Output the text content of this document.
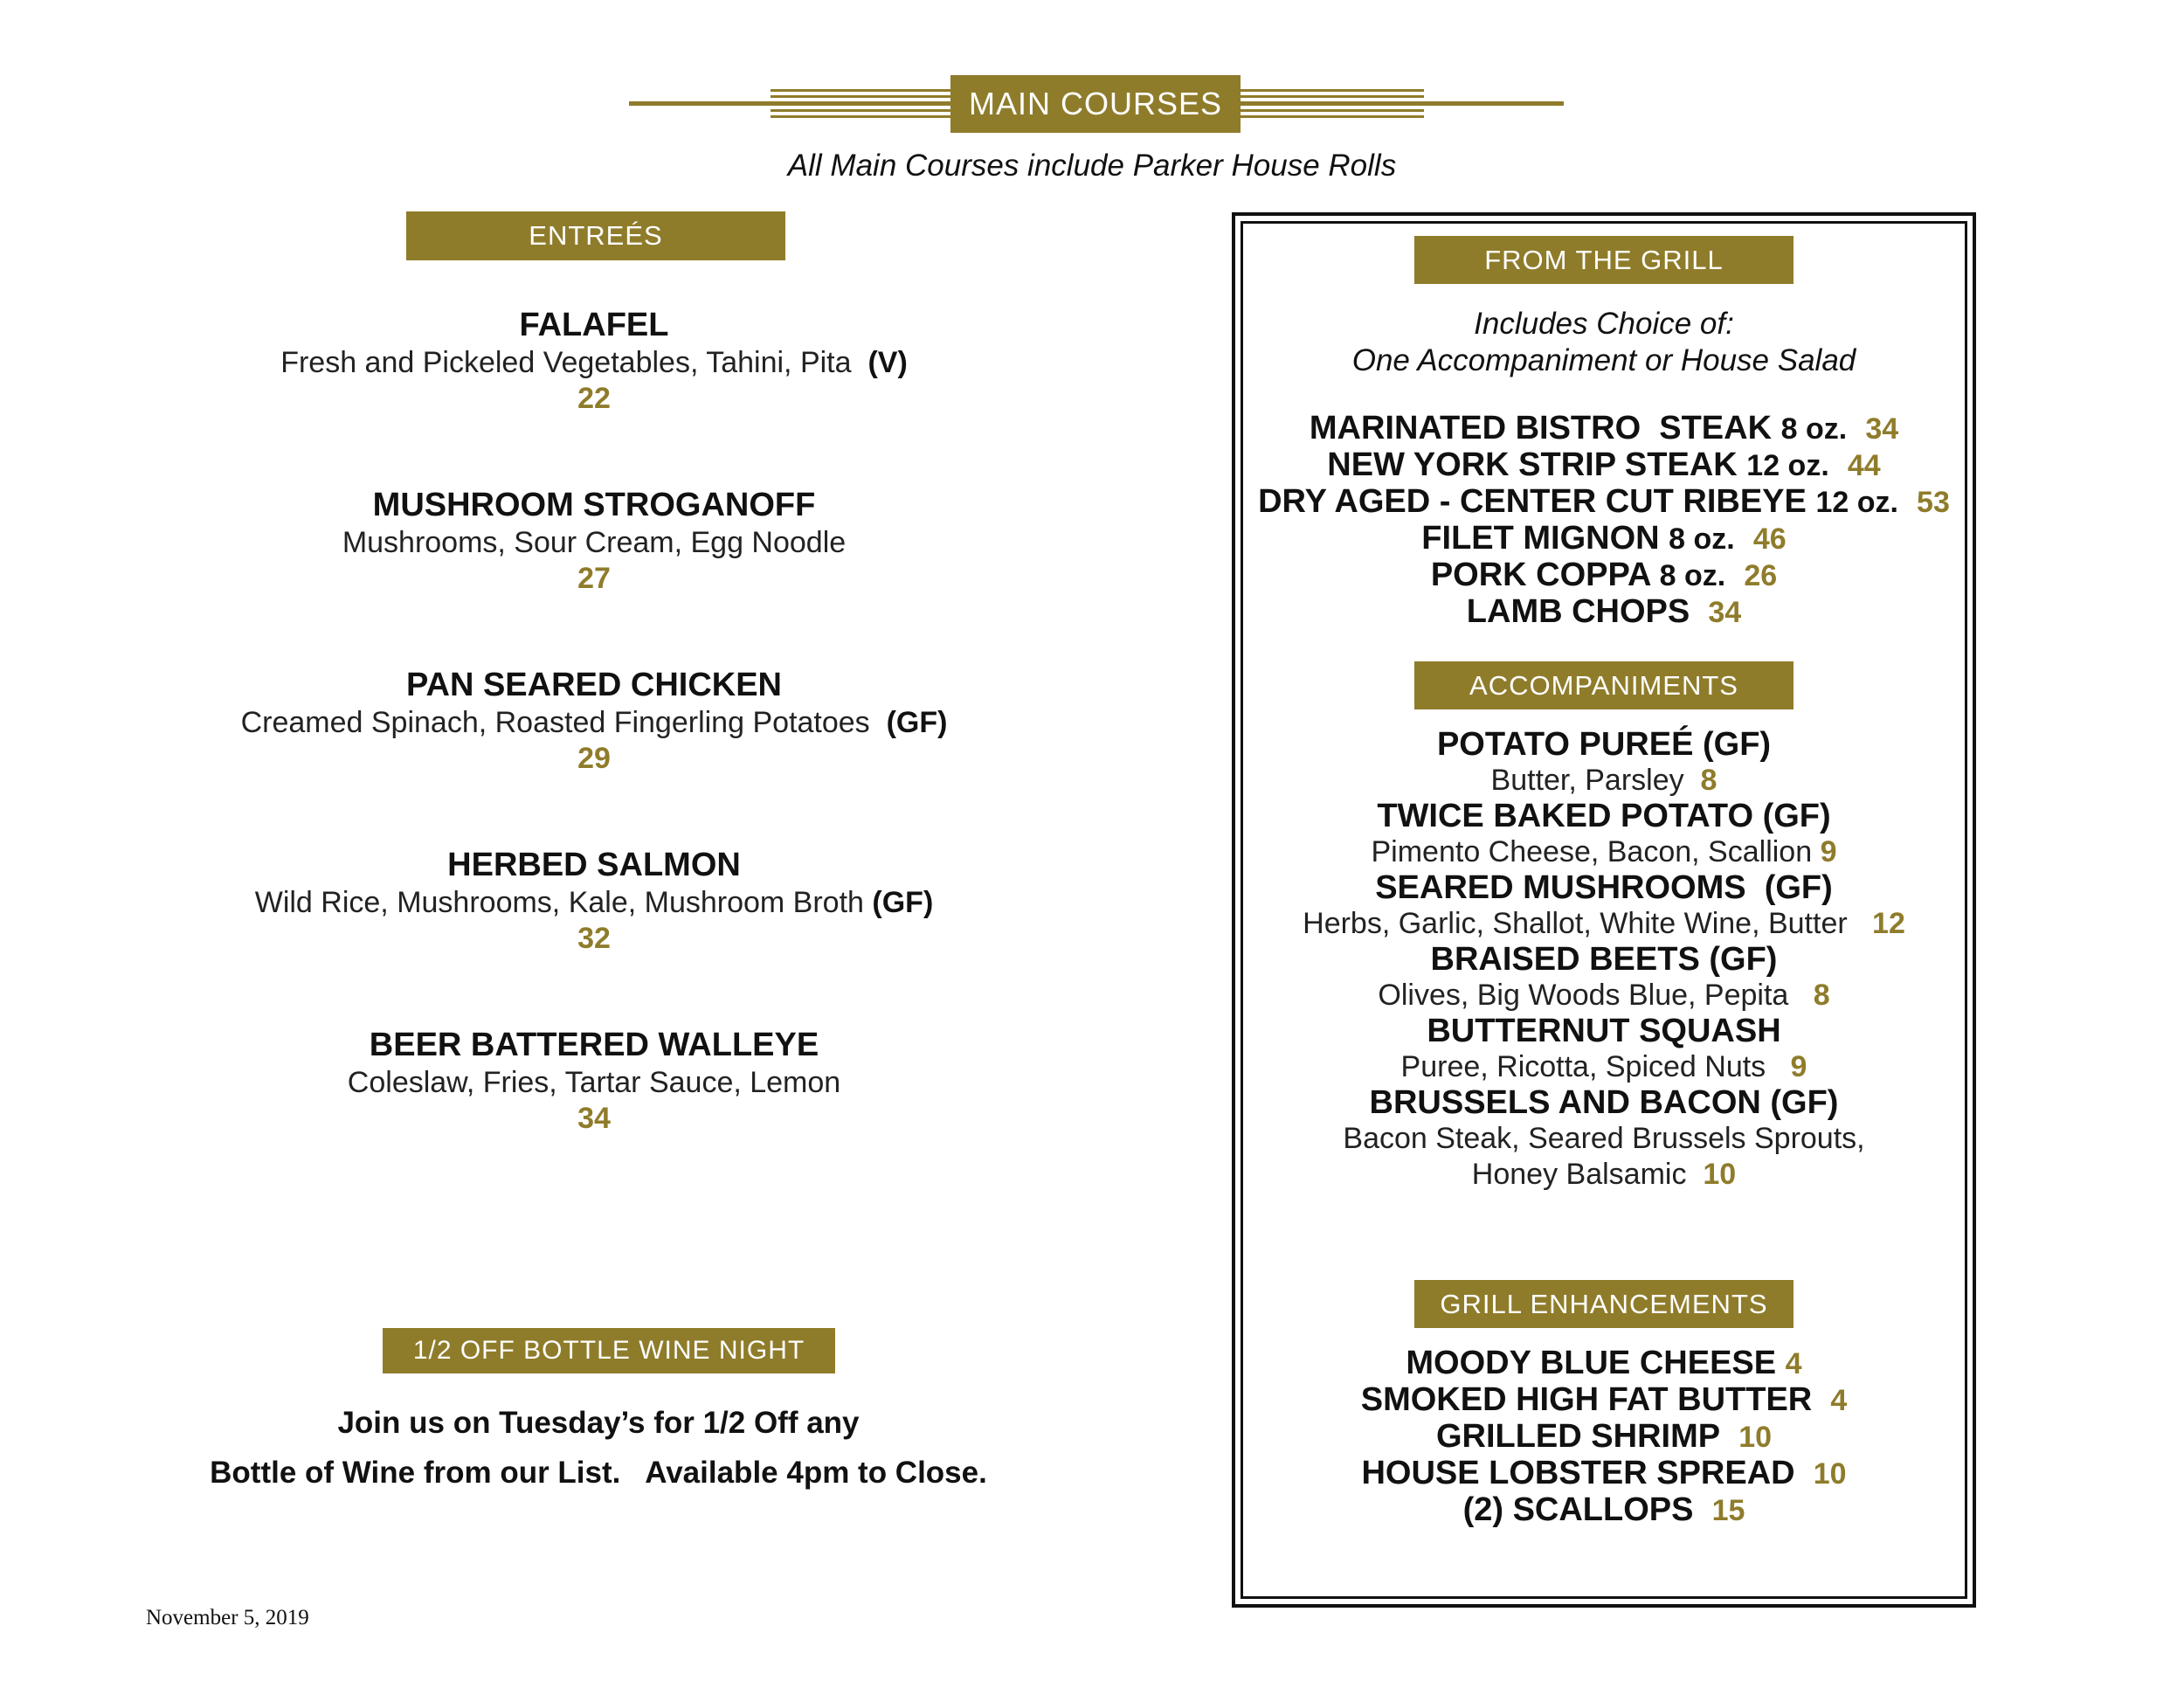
MAIN COURSES
All Main Courses include Parker House Rolls
ENTREÉS
FALAFEL
Fresh and Pickeled Vegetables, Tahini, Pita (V)
22
MUSHROOM STROGANOFF
Mushrooms, Sour Cream, Egg Noodle
27
PAN SEARED CHICKEN
Creamed Spinach, Roasted Fingerling Potatoes (GF)
29
HERBED SALMON
Wild Rice, Mushrooms, Kale, Mushroom Broth (GF)
32
BEER BATTERED WALLEYE
Coleslaw, Fries, Tartar Sauce, Lemon
34
1/2 OFF BOTTLE WINE NIGHT
Join us on Tuesday’s for 1/2 Off any
Bottle of Wine from our List.   Available 4pm to Close.
November 5, 2019
FROM THE GRILL
Includes Choice of:
One Accompaniment or House Salad
MARINATED BISTRO  STEAK 8 oz. 34
NEW YORK STRIP STEAK 12 oz. 44
DRY AGED - CENTER CUT RIBEYE 12 oz. 53
FILET MIGNON 8 oz. 46
PORK COPPA 8 oz. 26
LAMB CHOPS 34
ACCOMPANIMENTS
POTATO PUREÉ (GF)
Butter, Parsley 8
TWICE BAKED POTATO (GF)
Pimento Cheese, Bacon, Scallion 9
SEARED MUSHROOMS (GF)
Herbs, Garlic, Shallot, White Wine, Butter 12
BRAISED BEETS (GF)
Olives, Big Woods Blue, Pepita 8
BUTTERNUT SQUASH
Puree, Ricotta, Spiced Nuts 9
BRUSSELS AND BACON (GF)
Bacon Steak, Seared Brussels Sprouts,
Honey Balsamic 10
GRILL ENHANCEMENTS
MOODY BLUE CHEESE 4
SMOKED HIGH FAT BUTTER 4
GRILLED SHRIMP 10
HOUSE LOBSTER SPREAD 10
(2) SCALLOPS 15
